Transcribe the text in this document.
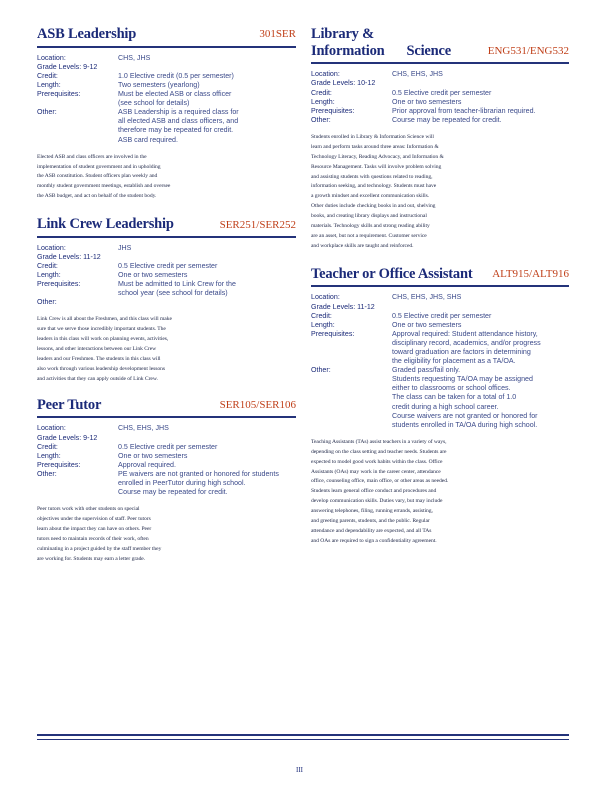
ASB Leadership	301SER
Location:	CHS, JHS
Grade Levels: 9-12
Credit:	1.0 Elective credit (0.5 per semester)
Length:	Two semesters (yearlong)
Prerequisites:	Must be elected ASB or class officer
(see school for details)
Other:	ASB Leadership is a required class for
all elected ASB and class officers, and
therefore may be repeated for credit.
ASB card required.
Elected ASB and class officers are involved in the
implementation of student government and in upholding
the ASB constitution. Student officers plan weekly and
monthly student government meetings, establish and oversee
the ASB budget, and act on behalf of the student body.
Link Crew Leadership	SER251/SER252
Location:	JHS
Grade Levels: 11-12
Credit:	0.5 Elective credit per semester
Length:	One or two semesters
Prerequisites:	Must be admitted to Link Crew for the
school year (see school for details)
Other:
Link Crew is all about the Freshmen, and this class will make
sure that we serve those incredibly important students. The
leaders in this class will work on planning events, activities,
lessons, and other interactions between our Link Crew
leaders and our Freshmen. The students in this class will
also work through various leadership development lessons
and activities that they can apply outside of Link Crew.
Peer Tutor	SER105/SER106
Location:	CHS, EHS, JHS
Grade Levels: 9-12
Credit:	0.5 Elective credit per semester
Length:	One or two semesters
Prerequisites:	Approval required.
Other:	PE waivers are not granted or honored for students
enrolled in PeerTutor during high school.
Course may be repeated for credit.
Peer tutors work with other students on special
objectives under the supervision of staff. Peer tutors
learn about the impact they can have on others. Peer
tutors need to maintain records of their work, often
culminating in a project guided by the staff member they
are working for. Students may earn a letter grade.
Library &
Information Science	ENG531/ENG532
Location:	CHS, EHS, JHS
Grade Levels: 10-12
Credit:	0.5 Elective credit per semester
Length:	One or two semesters
Prerequisites:	Prior approval from teacher-librarian required.
Other:	Course may be repeated for credit.
Students enrolled in Library & Information Science will
learn and perform tasks around three areas: Information &
Technology Literacy, Reading Advocacy, and Information &
Resource Management. Tasks will involve problem solving
and assisting students with questions related to reading,
information seeking, and technology. Students must have
a growth mindset and excellent communication skills.
Other duties include checking books in and out, shelving
books, and creating library displays and instructional
materials. Technology skills and strong reading ability
are an asset, but not a requirement. Customer service
and workplace skills are taught and reinforced.
Teacher or Office Assistant ALT915/ALT916
Location:	CHS, EHS, JHS, SHS
Grade Levels: 11-12
Credit:	0.5 Elective credit per semester
Length:	One or two semesters
Prerequisites:	Approval required: Student attendance history,
disciplinary record, academics, and/or progress
toward graduation are factors in determining
the eligibility for placement as a TA/OA.
Other:	Graded pass/fail only.
Students requesting TA/OA may be assigned
either to classrooms or school offices.
The class can be taken for a total of 1.0
credit during a high school career.
Course waivers are not granted or honored for
students enrolled in TA/OA during high school.
Teaching Assistants (TAs) assist teachers in a variety of ways,
depending on the class setting and teacher needs. Students are
expected to model good work habits within the class. Office
Assistants (OAs) may work in the career center, attendance
office, counseling office, main office, or other areas as needed.
Students learn general office conduct and procedures and
develop communication skills. Duties vary, but may include
answering telephones, filing, running errands, assisting,
and greeting parents, students, and the public. Regular
attendance and dependability are expected, and all TAs
and OAs are required to sign a confidentiality agreement.
III
